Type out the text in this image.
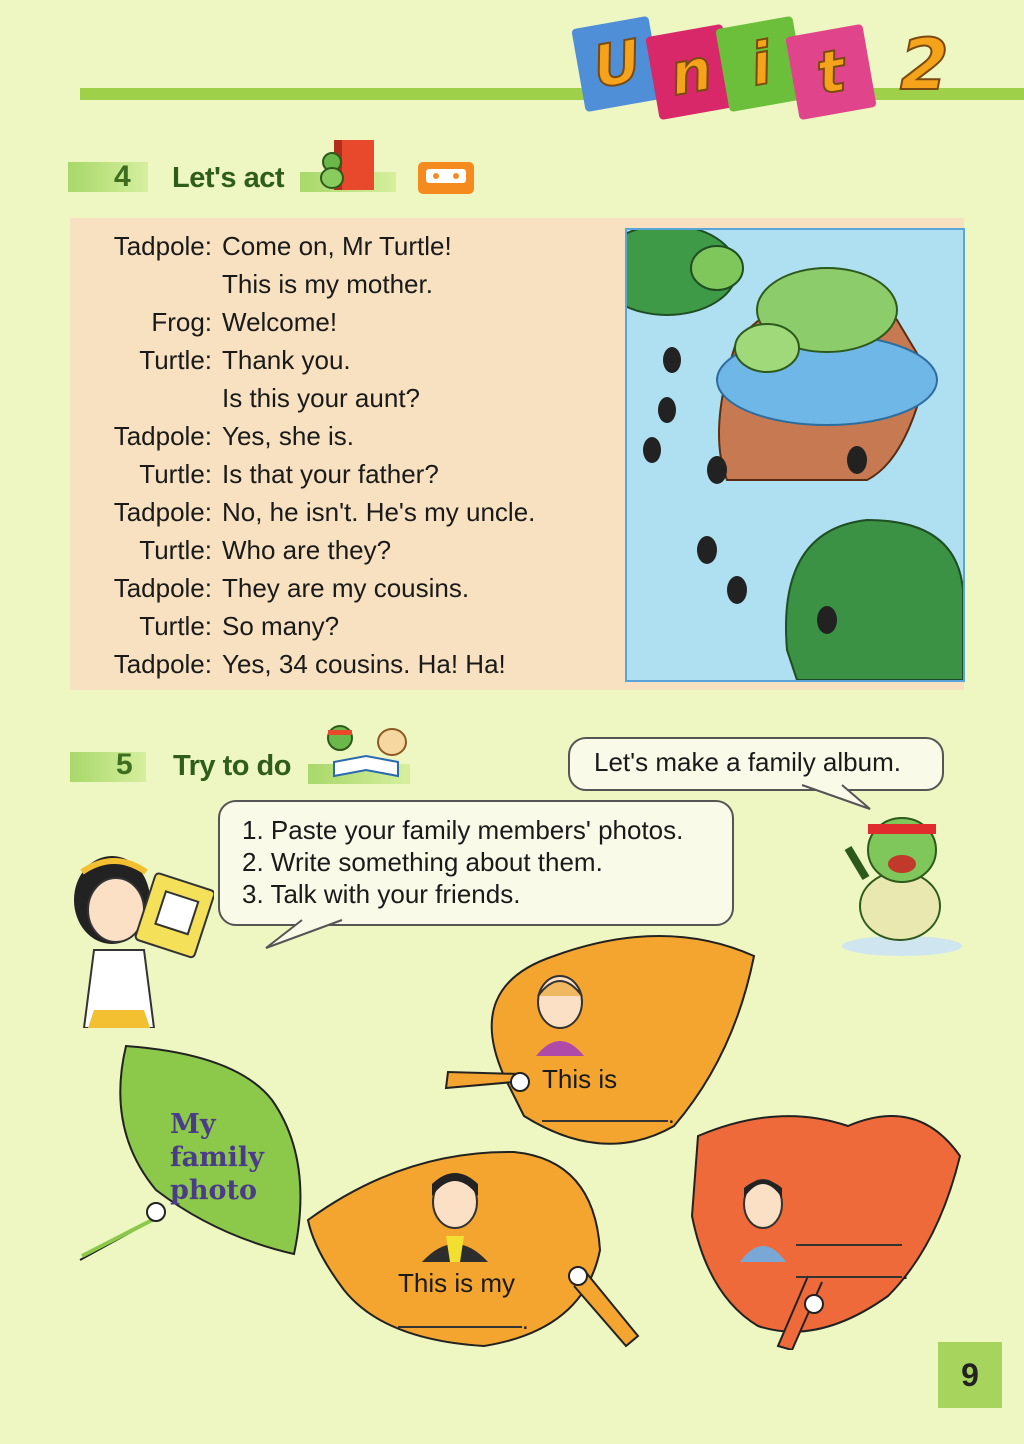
U n i t 2
4 Let's act
Tadpole: Come on, Mr Turtle!
This is my mother.
Frog: Welcome!
Turtle: Thank you.
Is this your aunt?
Tadpole: Yes, she is.
Turtle: Is that your father?
Tadpole: No, he isn't. He's my uncle.
Turtle: Who are they?
Tadpole: They are my cousins.
Turtle: So many?
Tadpole: Yes, 34 cousins. Ha! Ha!
5 Try to do	Let's make a family album.
1. Paste your family members' photos.
2. Write something about them.
3. Talk with your friends.
My
family
photo
This is
.
This is my
.
.
9
